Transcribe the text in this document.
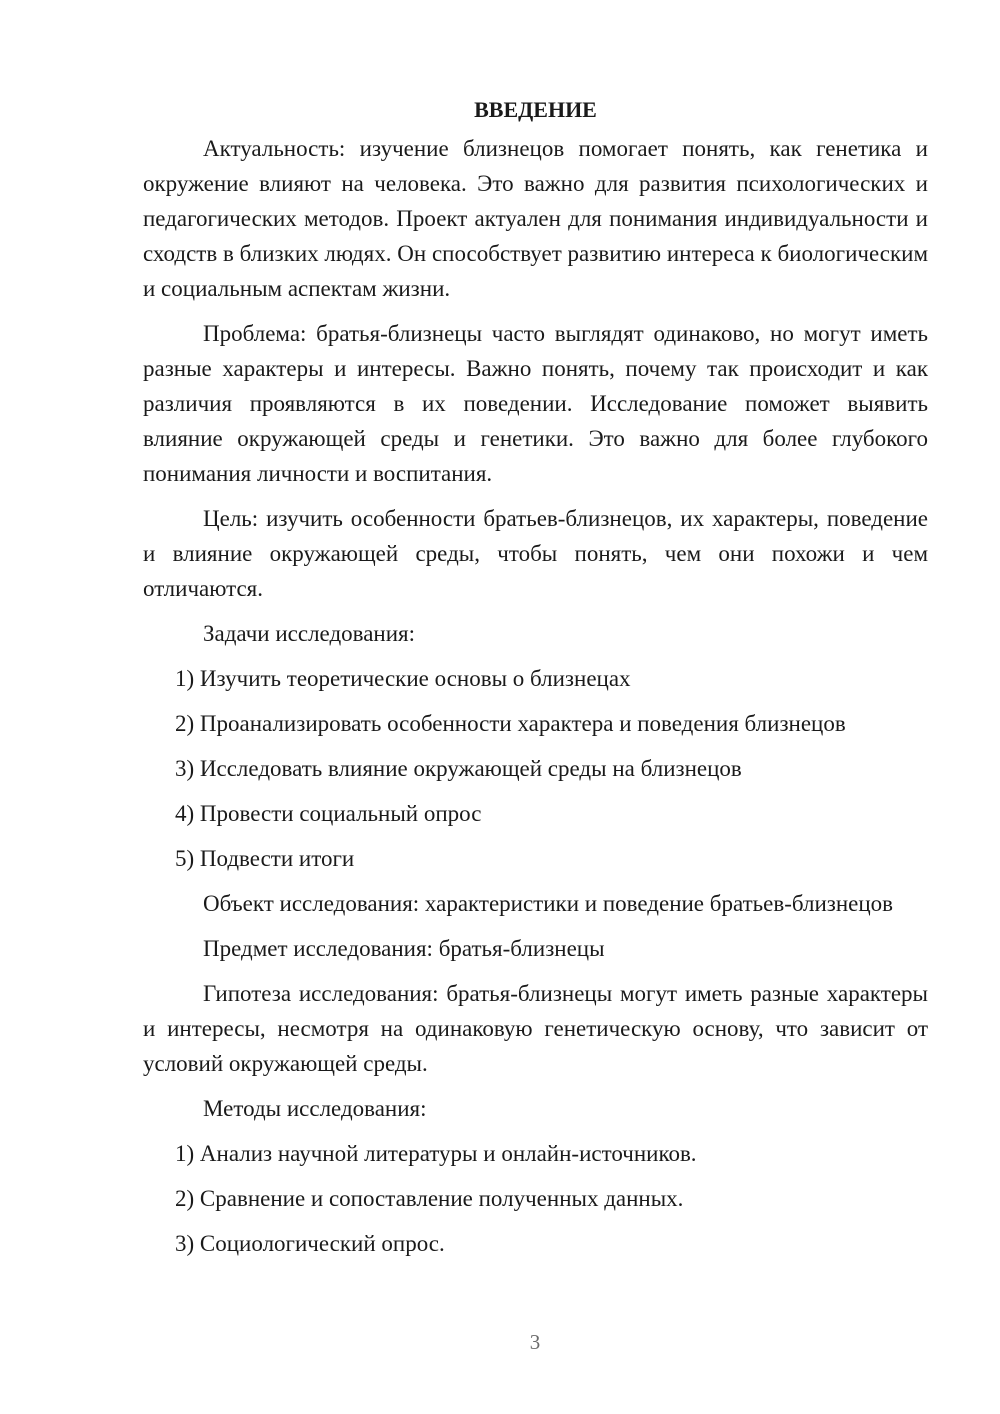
ВВЕДЕНИЕ
Актуальность: изучение близнецов помогает понять, как генетика и окружение влияют на человека. Это важно для развития психологических и педагогических методов. Проект актуален для понимания индивидуальности и сходств в близких людях. Он способствует развитию интереса к биологическим и социальным аспектам жизни.
Проблема: братья-близнецы часто выглядят одинаково, но могут иметь разные характеры и интересы. Важно понять, почему так происходит и как различия проявляются в их поведении. Исследование поможет выявить влияние окружающей среды и генетики. Это важно для более глубокого понимания личности и воспитания.
Цель: изучить особенности братьев-близнецов, их характеры, поведение и влияние окружающей среды, чтобы понять, чем они похожи и чем отличаются.
Задачи исследования:
1) Изучить теоретические основы о близнецах
2) Проанализировать особенности характера и поведения близнецов
3) Исследовать влияние окружающей среды на близнецов
4) Провести социальный опрос
5) Подвести итоги
Объект исследования: характеристики и поведение братьев-близнецов
Предмет исследования: братья-близнецы
Гипотеза исследования: братья-близнецы могут иметь разные характеры и интересы, несмотря на одинаковую генетическую основу, что зависит от условий окружающей среды.
Методы исследования:
1) Анализ научной литературы и онлайн-источников.
2) Сравнение и сопоставление полученных данных.
3) Социологический опрос.
3
